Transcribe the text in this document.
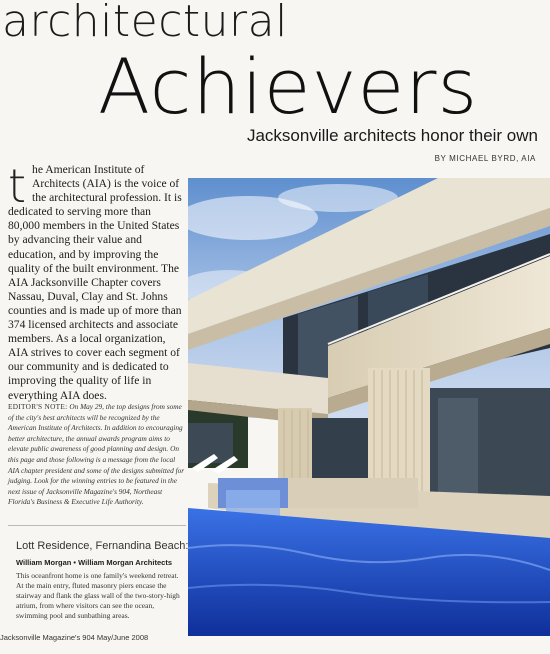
architectural
Achievers
Jacksonville architects honor their own
BY MICHAEL BYRD, AIA
t he American Institute of Architects (AIA) is the voice of the architectural profession. It is dedicated to serving more than 80,000 members in the United States by advancing their value and education, and by improving the quality of the built environment. The AIA Jacksonville Chapter covers Nassau, Duval, Clay and St. Johns counties and is made up of more than 374 licensed architects and associate members. As a local organization, AIA strives to cover each segment of our community and is dedicated to improving the quality of life in everything AIA does.
EDITOR'S NOTE: On May 29, the top designs from some of the city's best architects will be recognized by the American Institute of Architects. In addition to encouraging better architecture, the annual awards program aims to elevate public awareness of good planning and design. On this page and those following is a message from the local AIA chapter president and some of the designs submitted for judging. Look for the winning entries to be featured in the next issue of Jacksonville Magazine's 904, Northeast Florida's Business & Executive Life Authority.
Lott Residence, Fernandina Beach:
William Morgan • William Morgan Architects
This oceanfront home is one family's weekend retreat. At the main entry, fluted masonry piers encase the stairway and flank the glass wall of the two-story-high atrium, from where visitors can see the ocean, swimming pool and sunbathing areas.
Jacksonville Magazine's 904 May/June 2008
